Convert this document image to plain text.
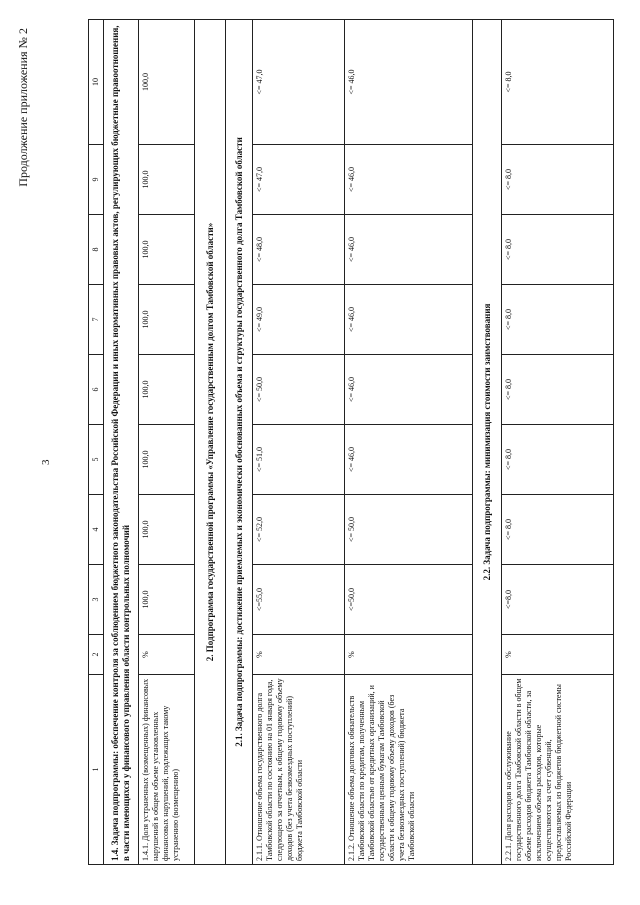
3
Продолжение приложения № 2
1	2	3	4	5	6	7	8	9	10
1.4. Задача подпрограммы: обеспечение контроля за соблюдением бюджетного законодательства Российской Федерации и иных нормативных правовых актов, регулирующих бюджетные правоотношения, в части имеющихся у финансового управления области контрольных полномочий									
1.4.1. Доля устраненных (возмещенных) финансовых нарушений в общем объеме установленных финансовых нарушений, подлежащих такому устранению (возмещению)	%	100,0	100,0	100,0	100,0	100,0	100,0	100,0	100,0
2. Подпрограмма государственной программы «Управление государственным долгом Тамбовской области»									
2.1. Задача подпрограммы: достижение приемлемых и экономически обоснованных объема и структуры государственного долга Тамбовской области									
2.1.1. Отношение объема государственного долга Тамбовской области по состоянию на 01 января года, следующего за отчетным, к общему годовому объему доходов (без учета безвозмездных поступлений) бюджета Тамбовской области	%	<=55,0	<= 52,0	<= 51,0	<= 50,0	<= 49,0	<= 48,0	<= 47,0	<= 47,0
2.1.2. Отношение объема долговых обязательств Тамбовской области по кредитам, полученным Тамбовской областью от кредитных организаций, и государственным ценным бумагам Тамбовской области к общему годовому объему доходов (без учета безвозмездных поступлений) бюджета Тамбовской области	%	<=50,0	<= 50,0	<= 46,0	<= 46,0	<= 46,0	<= 46,0	<= 46,0	<= 46,0
2.2. Задача подпрограммы: минимизация стоимости заимствования									
2.2.1. Доля расходов на обслуживание государственного долга Тамбовской области в общем объеме расходов бюджета Тамбовской области, за исключением объема расходов, которые осуществляются за счет субвенций, предоставляемых из бюджетов бюджетной системы Российской Федерации	%	<=8,0	<= 8,0	<= 8,0	<= 8,0	<= 8,0	<= 8,0	<= 8,0	<= 8,0
